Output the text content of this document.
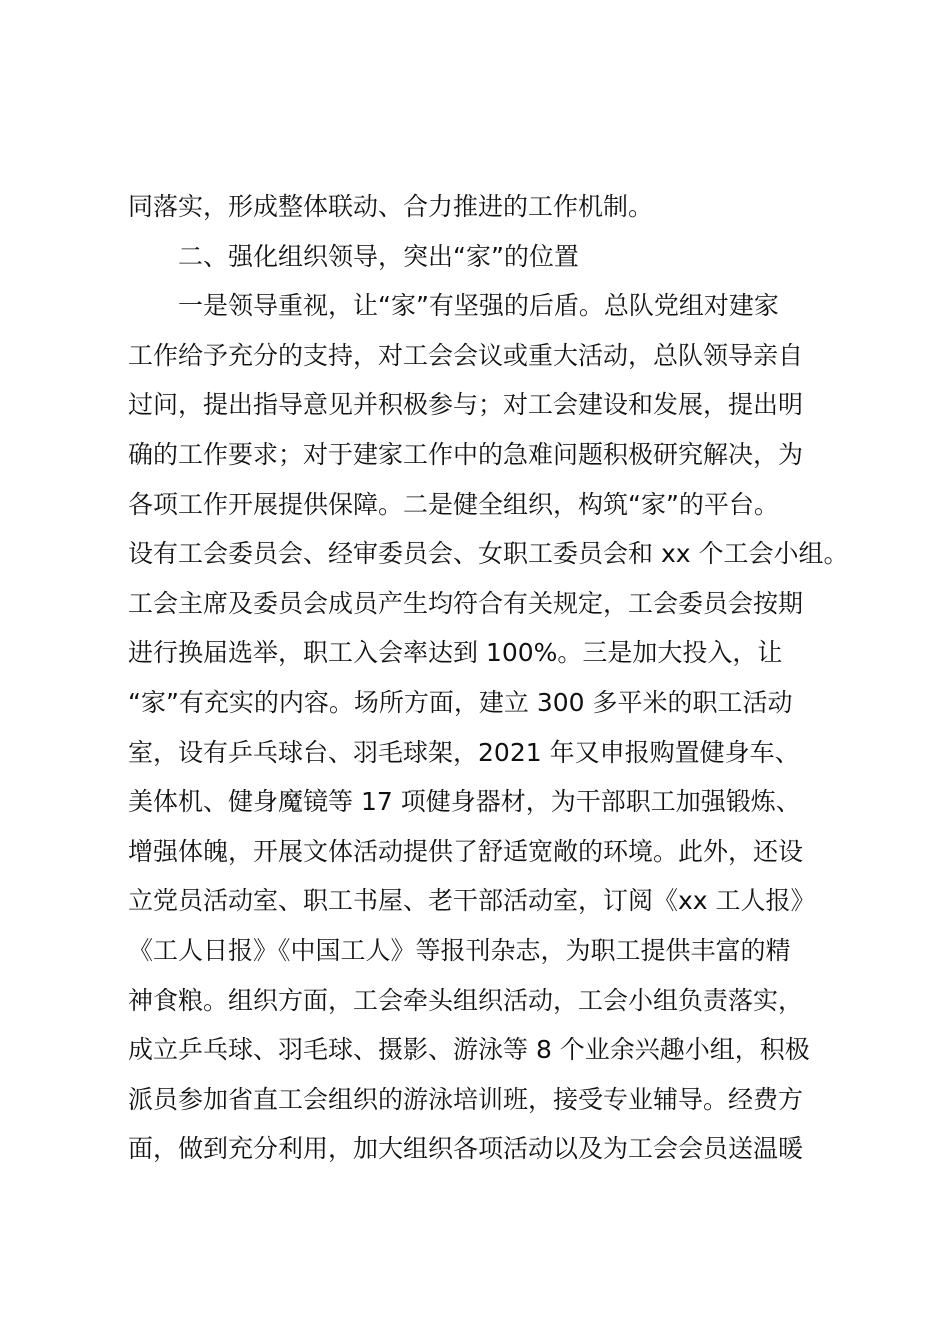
同落实，形成整体联动、合力推进的工作机制。
二、强化组织领导，突出“家”的位置
一是领导重视，让“家”有坚强的后盾。总队党组对建家
工作给予充分的支持，对工会会议或重大活动，总队领导亲自
过问，提出指导意见并积极参与；对工会建设和发展，提出明
确的工作要求；对于建家工作中的急难问题积极研究解决，为
各项工作开展提供保障。二是健全组织，构筑“家”的平台。
设有工会委员会、经审委员会、女职工委员会和 xx 个工会小组。
工会主席及委员会成员产生均符合有关规定，工会委员会按期
进行换届选举，职工入会率达到 100%。三是加大投入，让
“家”有充实的内容。场所方面，建立 300 多平米的职工活动
室，设有乒乓球台、羽毛球架，2021 年又申报购置健身车、
美体机、健身魔镜等 17 项健身器材，为干部职工加强锻炼、
增强体魄，开展文体活动提供了舒适宽敞的环境。此外，还设
立党员活动室、职工书屋、老干部活动室，订阅《xx 工人报》
《工人日报》《中国工人》等报刊杂志，为职工提供丰富的精
神食粮。组织方面，工会牵头组织活动，工会小组负责落实，
成立乒乓球、羽毛球、摄影、游泳等 8 个业余兴趣小组，积极
派员参加省直工会组织的游泳培训班，接受专业辅导。经费方
面，做到充分利用，加大组织各项活动以及为工会会员送温暖
